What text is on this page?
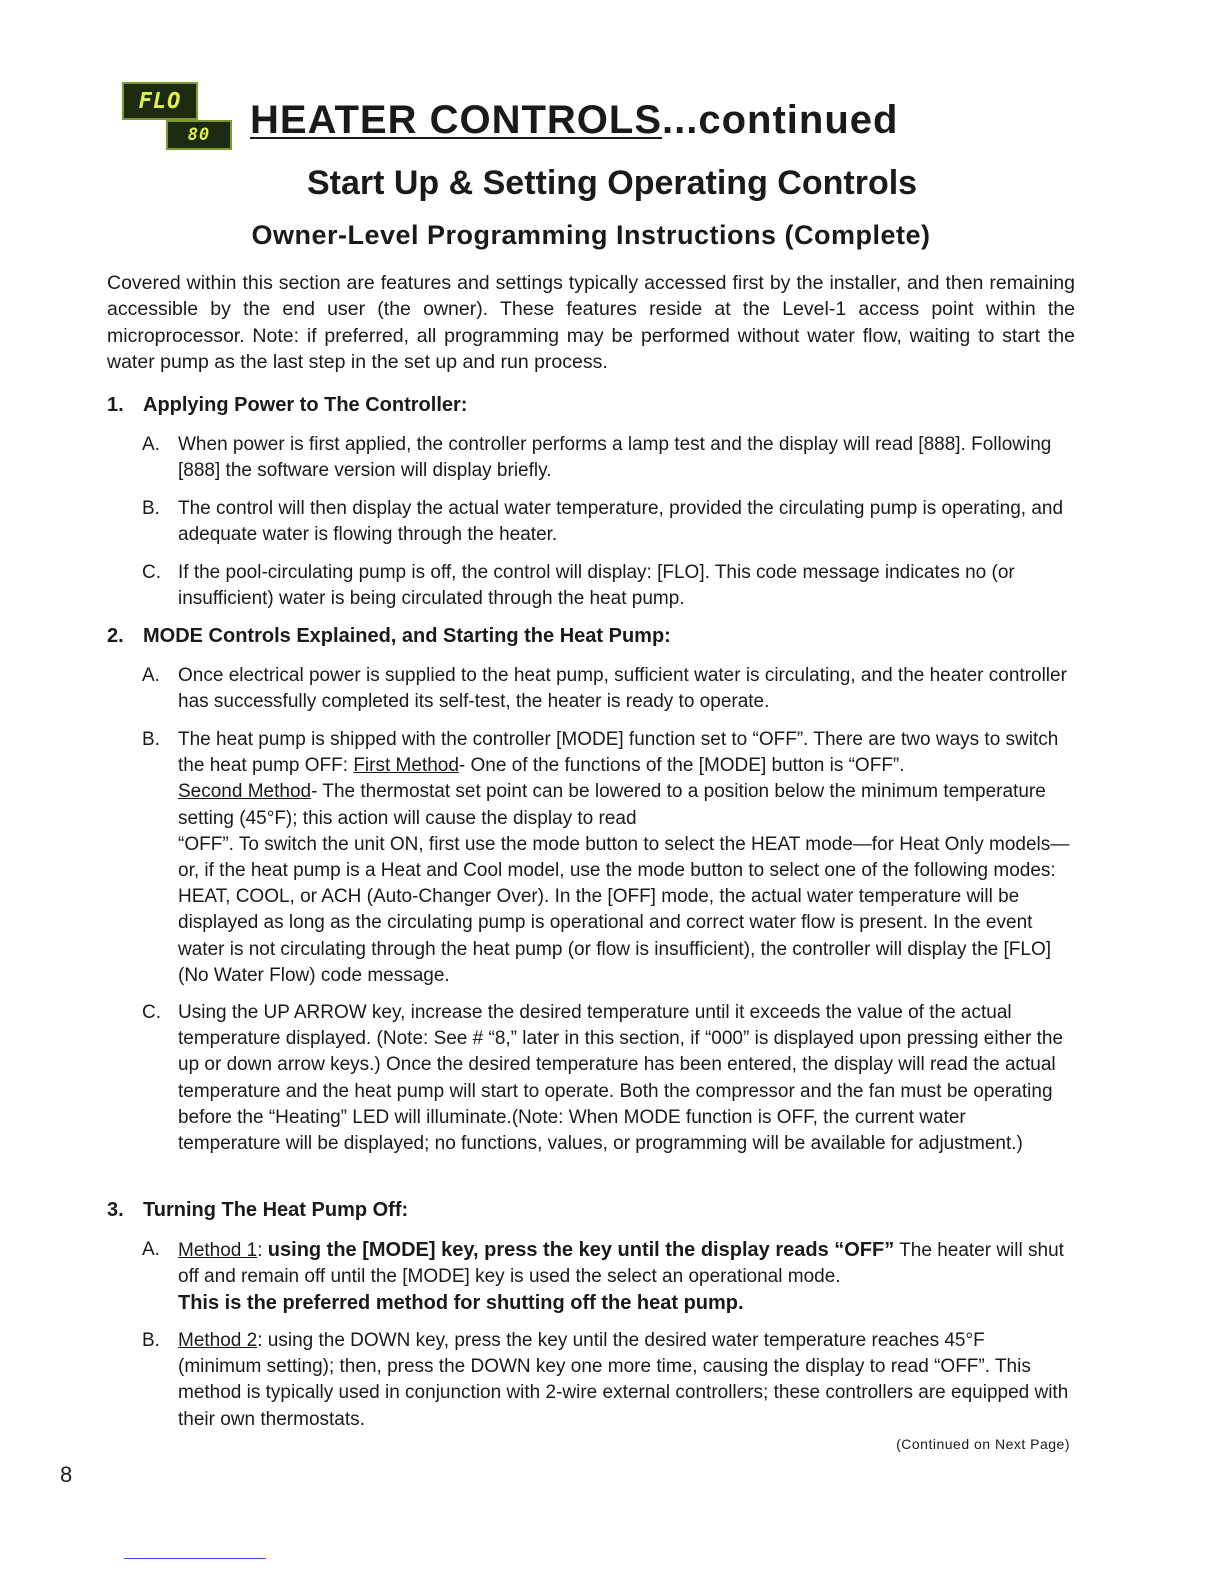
FLO
80 HEATER CONTROLS...continued
Start Up & Setting Operating Controls
Owner-Level Programming Instructions (Complete)

Covered within this section are features and settings typically accessed first by the installer, and then remaining accessible by the end user (the owner). These features reside at the Level-1 access point within the microprocessor. Note: if preferred, all programming may be performed without water flow, waiting to start the water pump as the last step in the set up and run process.

1. Applying Power to The Controller:
A. When power is first applied, the controller performs a lamp test and the display will read [888]. Following [888] the software version will display briefly.
B. The control will then display the actual water temperature, provided the circulating pump is operating, and adequate water is flowing through the heater.
C. If the pool-circulating pump is off, the control will display: [FLO]. This code message indicates no (or insufficient) water is being circulated through the heat pump.
2. MODE Controls Explained, and Starting the Heat Pump:
A. Once electrical power is supplied to the heat pump, sufficient water is circulating, and the heater controller has successfully completed its self-test, the heater is ready to operate.
B. The heat pump is shipped with the controller [MODE] function set to “OFF”. There are two ways to switch the heat pump OFF: First Method- One of the functions of the [MODE] button is “OFF”.
Second Method- The thermostat set point can be lowered to a position below the minimum temperature setting (45°F); this action will cause the display to read
“OFF”. To switch the unit ON, first use the mode button to select the HEAT mode—for Heat Only models—or, if the heat pump is a Heat and Cool model, use the mode button to select one of the following modes: HEAT, COOL, or ACH (Auto-Changer Over). In the [OFF] mode, the actual water temperature will be displayed as long as the circulating pump is operational and correct water flow is present. In the event water is not circulating through the heat pump (or flow is insufficient), the controller will display the [FLO] (No Water Flow) code message.
C. Using the UP ARROW key, increase the desired temperature until it exceeds the value of the actual temperature displayed. (Note: See # “8,” later in this section, if “000” is displayed upon pressing either the up or down arrow keys.) Once the desired temperature has been entered, the display will read the actual temperature and the heat pump will start to operate. Both the compressor and the fan must be operating before the “Heating” LED will illuminate.(Note: When MODE function is OFF, the current water temperature will be displayed; no functions, values, or programming will be available for adjustment.)
3. Turning The Heat Pump Off:
A. Method 1: using the [MODE] key, press the key until the display reads “OFF” The heater will shut off and remain off until the [MODE] key is used the select an operational mode.
This is the preferred method for shutting off the heat pump.
B. Method 2: using the DOWN key, press the key until the desired water temperature reaches 45°F (minimum setting); then, press the DOWN key one more time, causing the display to read “OFF”. This method is typically used in conjunction with 2-wire external controllers; these controllers are equipped with their own thermostats.
(Continued on Next Page)
8
